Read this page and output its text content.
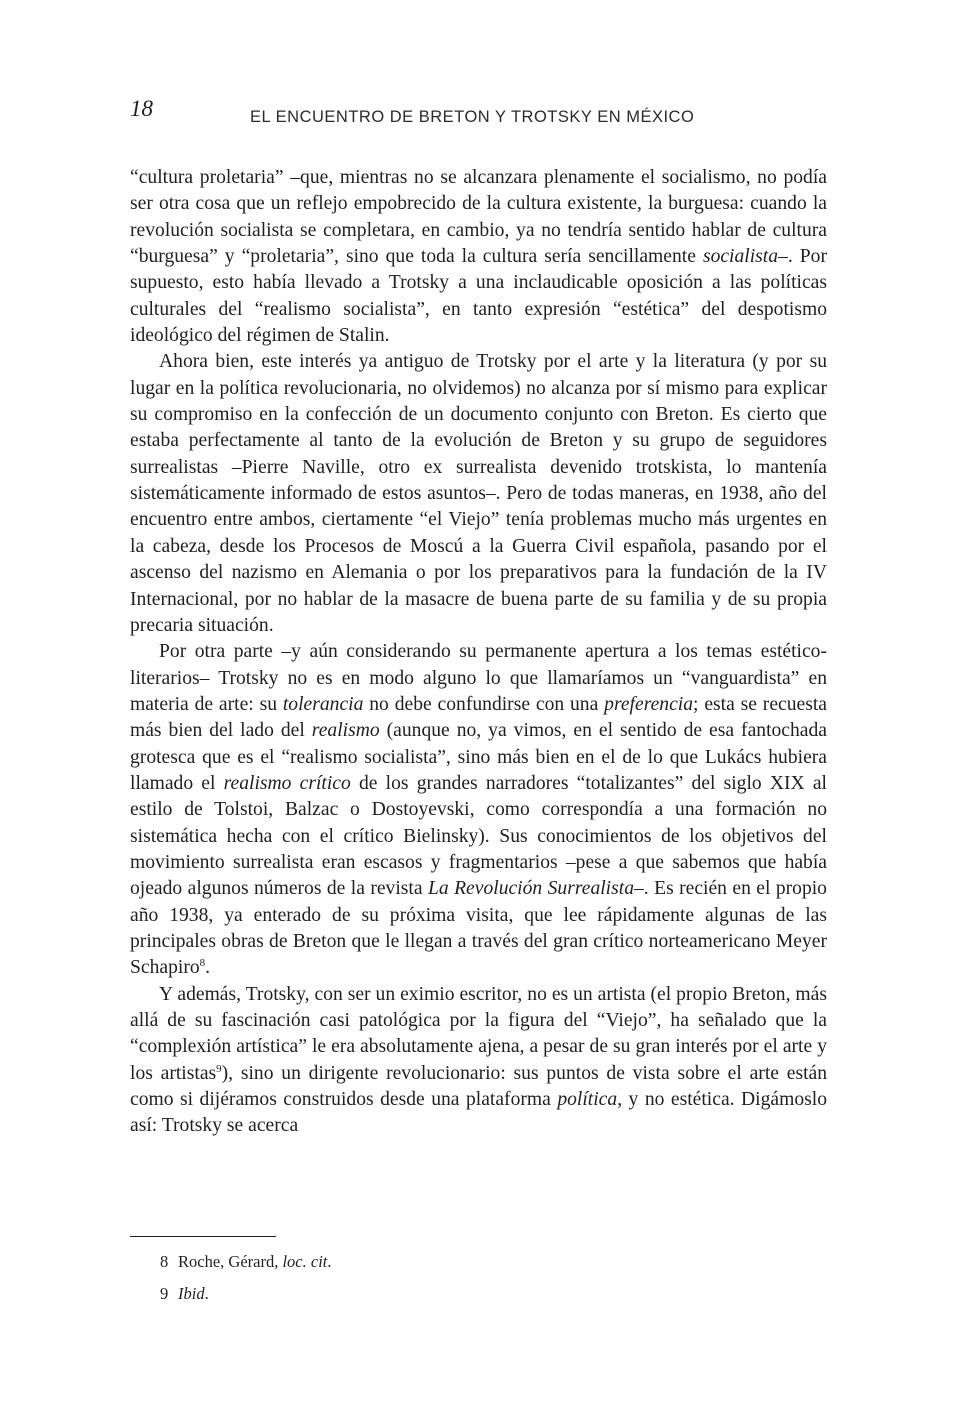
18	EL ENCUENTRO DE BRETON Y TROTSKY EN MÉXICO

“cultura proletaria” –que, mientras no se alcanzara plenamente el socialismo, no podía ser otra cosa que un reflejo empobrecido de la cultura existente, la burguesa: cuando la revolución socialista se completara, en cambio, ya no tendría sentido hablar de cultura “burguesa” y “proletaria”, sino que toda la cultura sería sencillamente socialista–. Por supuesto, esto había llevado a Trotsky a una inclaudicable oposición a las políticas culturales del “realismo socialista”, en tanto expresión “estética” del despotismo ideológico del régimen de Stalin.

Ahora bien, este interés ya antiguo de Trotsky por el arte y la literatura (y por su lugar en la política revolucionaria, no olvidemos) no alcanza por sí mismo para explicar su compromiso en la confección de un documento conjunto con Breton. Es cierto que estaba perfectamente al tanto de la evolución de Breton y su grupo de seguidores surrealistas –Pierre Naville, otro ex surrealista devenido trotskista, lo mantenía sistemáticamente informado de estos asuntos–. Pero de todas maneras, en 1938, año del encuentro entre ambos, ciertamente “el Viejo” tenía problemas mucho más urgentes en la cabeza, desde los Procesos de Moscú a la Guerra Civil española, pasando por el ascenso del nazismo en Alemania o por los preparativos para la fundación de la IV Internacional, por no hablar de la masacre de buena parte de su familia y de su propia precaria situación.

Por otra parte –y aún considerando su permanente apertura a los temas estético-literarios– Trotsky no es en modo alguno lo que llamaríamos un “vanguardista” en materia de arte: su tolerancia no debe confundirse con una preferencia; esta se recuesta más bien del lado del realismo (aunque no, ya vimos, en el sentido de esa fantochada grotesca que es el “realismo socialista”, sino más bien en el de lo que Lukács hubiera llamado el realismo crítico de los grandes narradores “totalizantes” del siglo XIX al estilo de Tolstoi, Balzac o Dostoyevski, como correspondía a una formación no sistemática hecha con el crítico Bielinsky). Sus conocimientos de los objetivos del movimiento surrealista eran escasos y fragmentarios –pese a que sabemos que había ojeado algunos números de la revista La Revolución Surrealista–. Es recién en el propio año 1938, ya enterado de su próxima visita, que lee rápidamente algunas de las principales obras de Breton que le llegan a través del gran crítico norteamericano Meyer Schapiro$^8$.

Y además, Trotsky, con ser un eximio escritor, no es un artista (el propio Breton, más allá de su fascinación casi patológica por la figura del “Viejo”, ha señalado que la “complexión artística” le era absolutamente ajena, a pesar de su gran interés por el arte y los artistas$^9$), sino un dirigente revolucionario: sus puntos de vista sobre el arte están como si dijéramos construidos desde una plataforma política, y no estética. Digámoslo así: Trotsky se acerca

8 Roche, Gérard, loc. cit.
9 Ibid.
